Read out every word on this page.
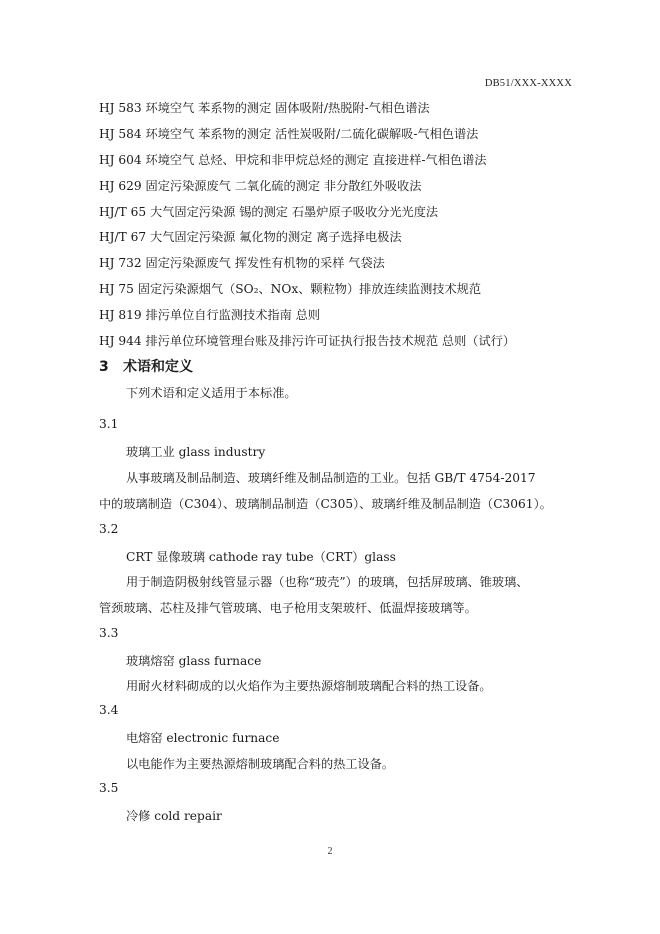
DB51/XXX-XXXX
HJ 583 环境空气 苯系物的测定 固体吸附/热脱附-气相色谱法
HJ 584 环境空气 苯系物的测定 活性炭吸附/二硫化碳解吸-气相色谱法
HJ 604 环境空气 总烃、甲烷和非甲烷总烃的测定 直接进样-气相色谱法
HJ 629 固定污染源废气 二氧化硫的测定 非分散红外吸收法
HJ/T 65 大气固定污染源 锡的测定 石墨炉原子吸收分光光度法
HJ/T 67 大气固定污染源 氟化物的测定 离子选择电极法
HJ 732 固定污染源废气 挥发性有机物的采样 气袋法
HJ 75 固定污染源烟气（SO₂、NOx、颗粒物）排放连续监测技术规范
HJ 819 排污单位自行监测技术指南 总则
HJ 944 排污单位环境管理台账及排污许可证执行报告技术规范 总则（试行）
3 术语和定义
下列术语和定义适用于本标准。
3.1
玻璃工业 glass industry
从事玻璃及制品制造、玻璃纤维及制品制造的工业。包括 GB/T 4754-2017
中的玻璃制造（C304）、玻璃制品制造（C305）、玻璃纤维及制品制造（C3061）。
3.2
CRT 显像玻璃 cathode ray tube（CRT）glass
用于制造阴极射线管显示器（也称“玻壳”）的玻璃，包括屏玻璃、锥玻璃、
管颈玻璃、芯柱及排气管玻璃、电子枪用支架玻杆、低温焊接玻璃等。
3.3
玻璃熔窑 glass furnace
用耐火材料砌成的以火焰作为主要热源熔制玻璃配合料的热工设备。
3.4
电熔窑 electronic furnace
以电能作为主要热源熔制玻璃配合料的热工设备。
3.5
冷修 cold repair
2
